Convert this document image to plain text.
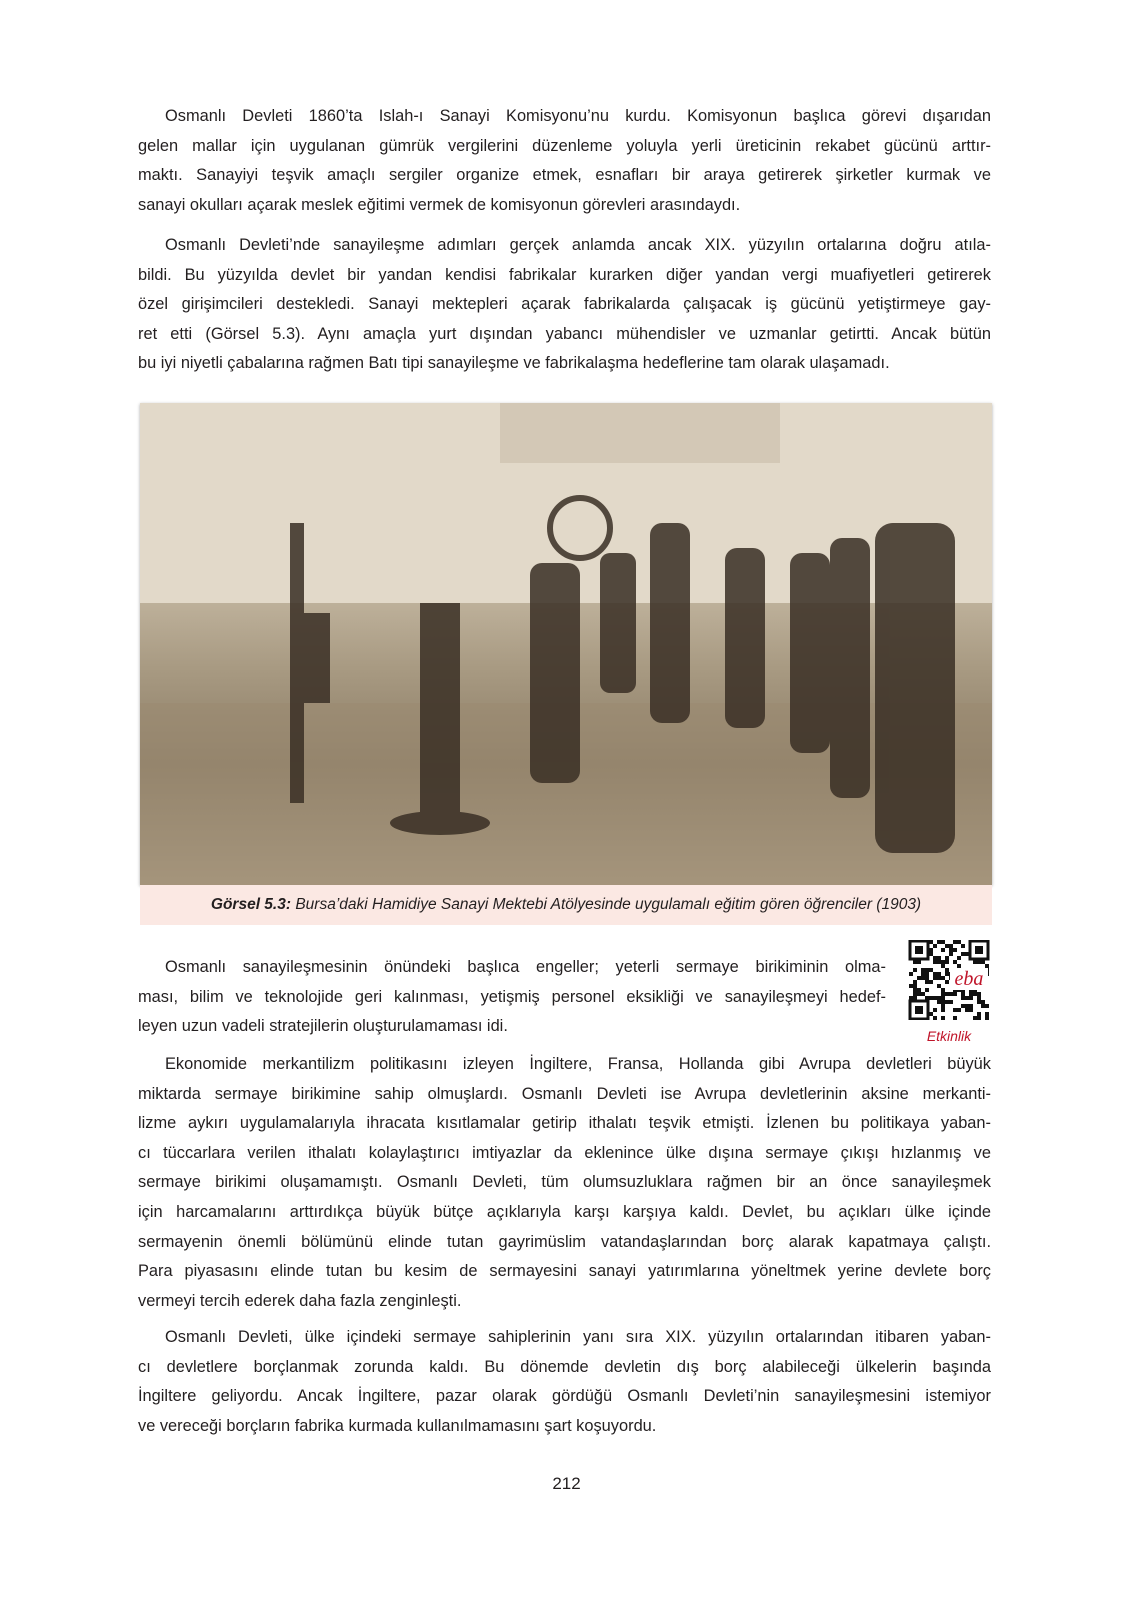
Osmanlı Devleti 1860’ta Islah-ı Sanayi Komisyonu’nu kurdu. Komisyonun başlıca görevi dışarıdan
gelen mallar için uygulanan gümrük vergilerini düzenleme yoluyla yerli üreticinin rekabet gücünü arttır-
maktı. Sanayiyi teşvik amaçlı sergiler organize etmek, esnafları bir araya getirerek şirketler kurmak ve
sanayi okulları açarak meslek eğitimi vermek de komisyonun görevleri arasındaydı.
Osmanlı Devleti’nde sanayileşme adımları gerçek anlamda ancak XIX. yüzyılın ortalarına doğru atıla-
bildi. Bu yüzyılda devlet bir yandan kendisi fabrikalar kurarken diğer yandan vergi muafiyetleri getirerek
özel girişimcileri destekledi. Sanayi mektepleri açarak fabrikalarda çalışacak iş gücünü yetiştirmeye gay-
ret etti (Görsel 5.3). Aynı amaçla yurt dışından yabancı mühendisler ve uzmanlar getirtti. Ancak bütün
bu iyi niyetli çabalarına rağmen Batı tipi sanayileşme ve fabrikalaşma hedeflerine tam olarak ulaşamadı.
Görsel 5.3: Bursa’daki Hamidiye Sanayi Mektebi Atölyesinde uygulamalı eğitim gören öğrenciler (1903)
Osmanlı sanayileşmesinin önündeki başlıca engeller; yeterli sermaye birikiminin olma-
ması, bilim ve teknolojide geri kalınması, yetişmiş personel eksikliği ve sanayileşmeyi hedef-
leyen uzun vadeli stratejilerin oluşturulamaması idi.
eba
Etkinlik
Ekonomide merkantilizm politikasını izleyen İngiltere, Fransa, Hollanda gibi Avrupa devletleri büyük
miktarda sermaye birikimine sahip olmuşlardı. Osmanlı Devleti ise Avrupa devletlerinin aksine merkanti-
lizme aykırı uygulamalarıyla ihracata kısıtlamalar getirip ithalatı teşvik etmişti. İzlenen bu politikaya yaban-
cı tüccarlara verilen ithalatı kolaylaştırıcı imtiyazlar da eklenince ülke dışına sermaye çıkışı hızlanmış ve
sermaye birikimi oluşamamıştı. Osmanlı Devleti, tüm olumsuzluklara rağmen bir an önce sanayileşmek
için harcamalarını arttırdıkça büyük bütçe açıklarıyla karşı karşıya kaldı. Devlet, bu açıkları ülke içinde
sermayenin önemli bölümünü elinde tutan gayrimüslim vatandaşlarından borç alarak kapatmaya çalıştı.
Para piyasasını elinde tutan bu kesim de sermayesini sanayi yatırımlarına yöneltmek yerine devlete borç
vermeyi tercih ederek daha fazla zenginleşti.
Osmanlı Devleti, ülke içindeki sermaye sahiplerinin yanı sıra XIX. yüzyılın ortalarından itibaren yaban-
cı devletlere borçlanmak zorunda kaldı. Bu dönemde devletin dış borç alabileceği ülkelerin başında
İngiltere geliyordu. Ancak İngiltere, pazar olarak gördüğü Osmanlı Devleti’nin sanayileşmesini istemiyor
ve vereceği borçların fabrika kurmada kullanılmamasını şart koşuyordu.
212
